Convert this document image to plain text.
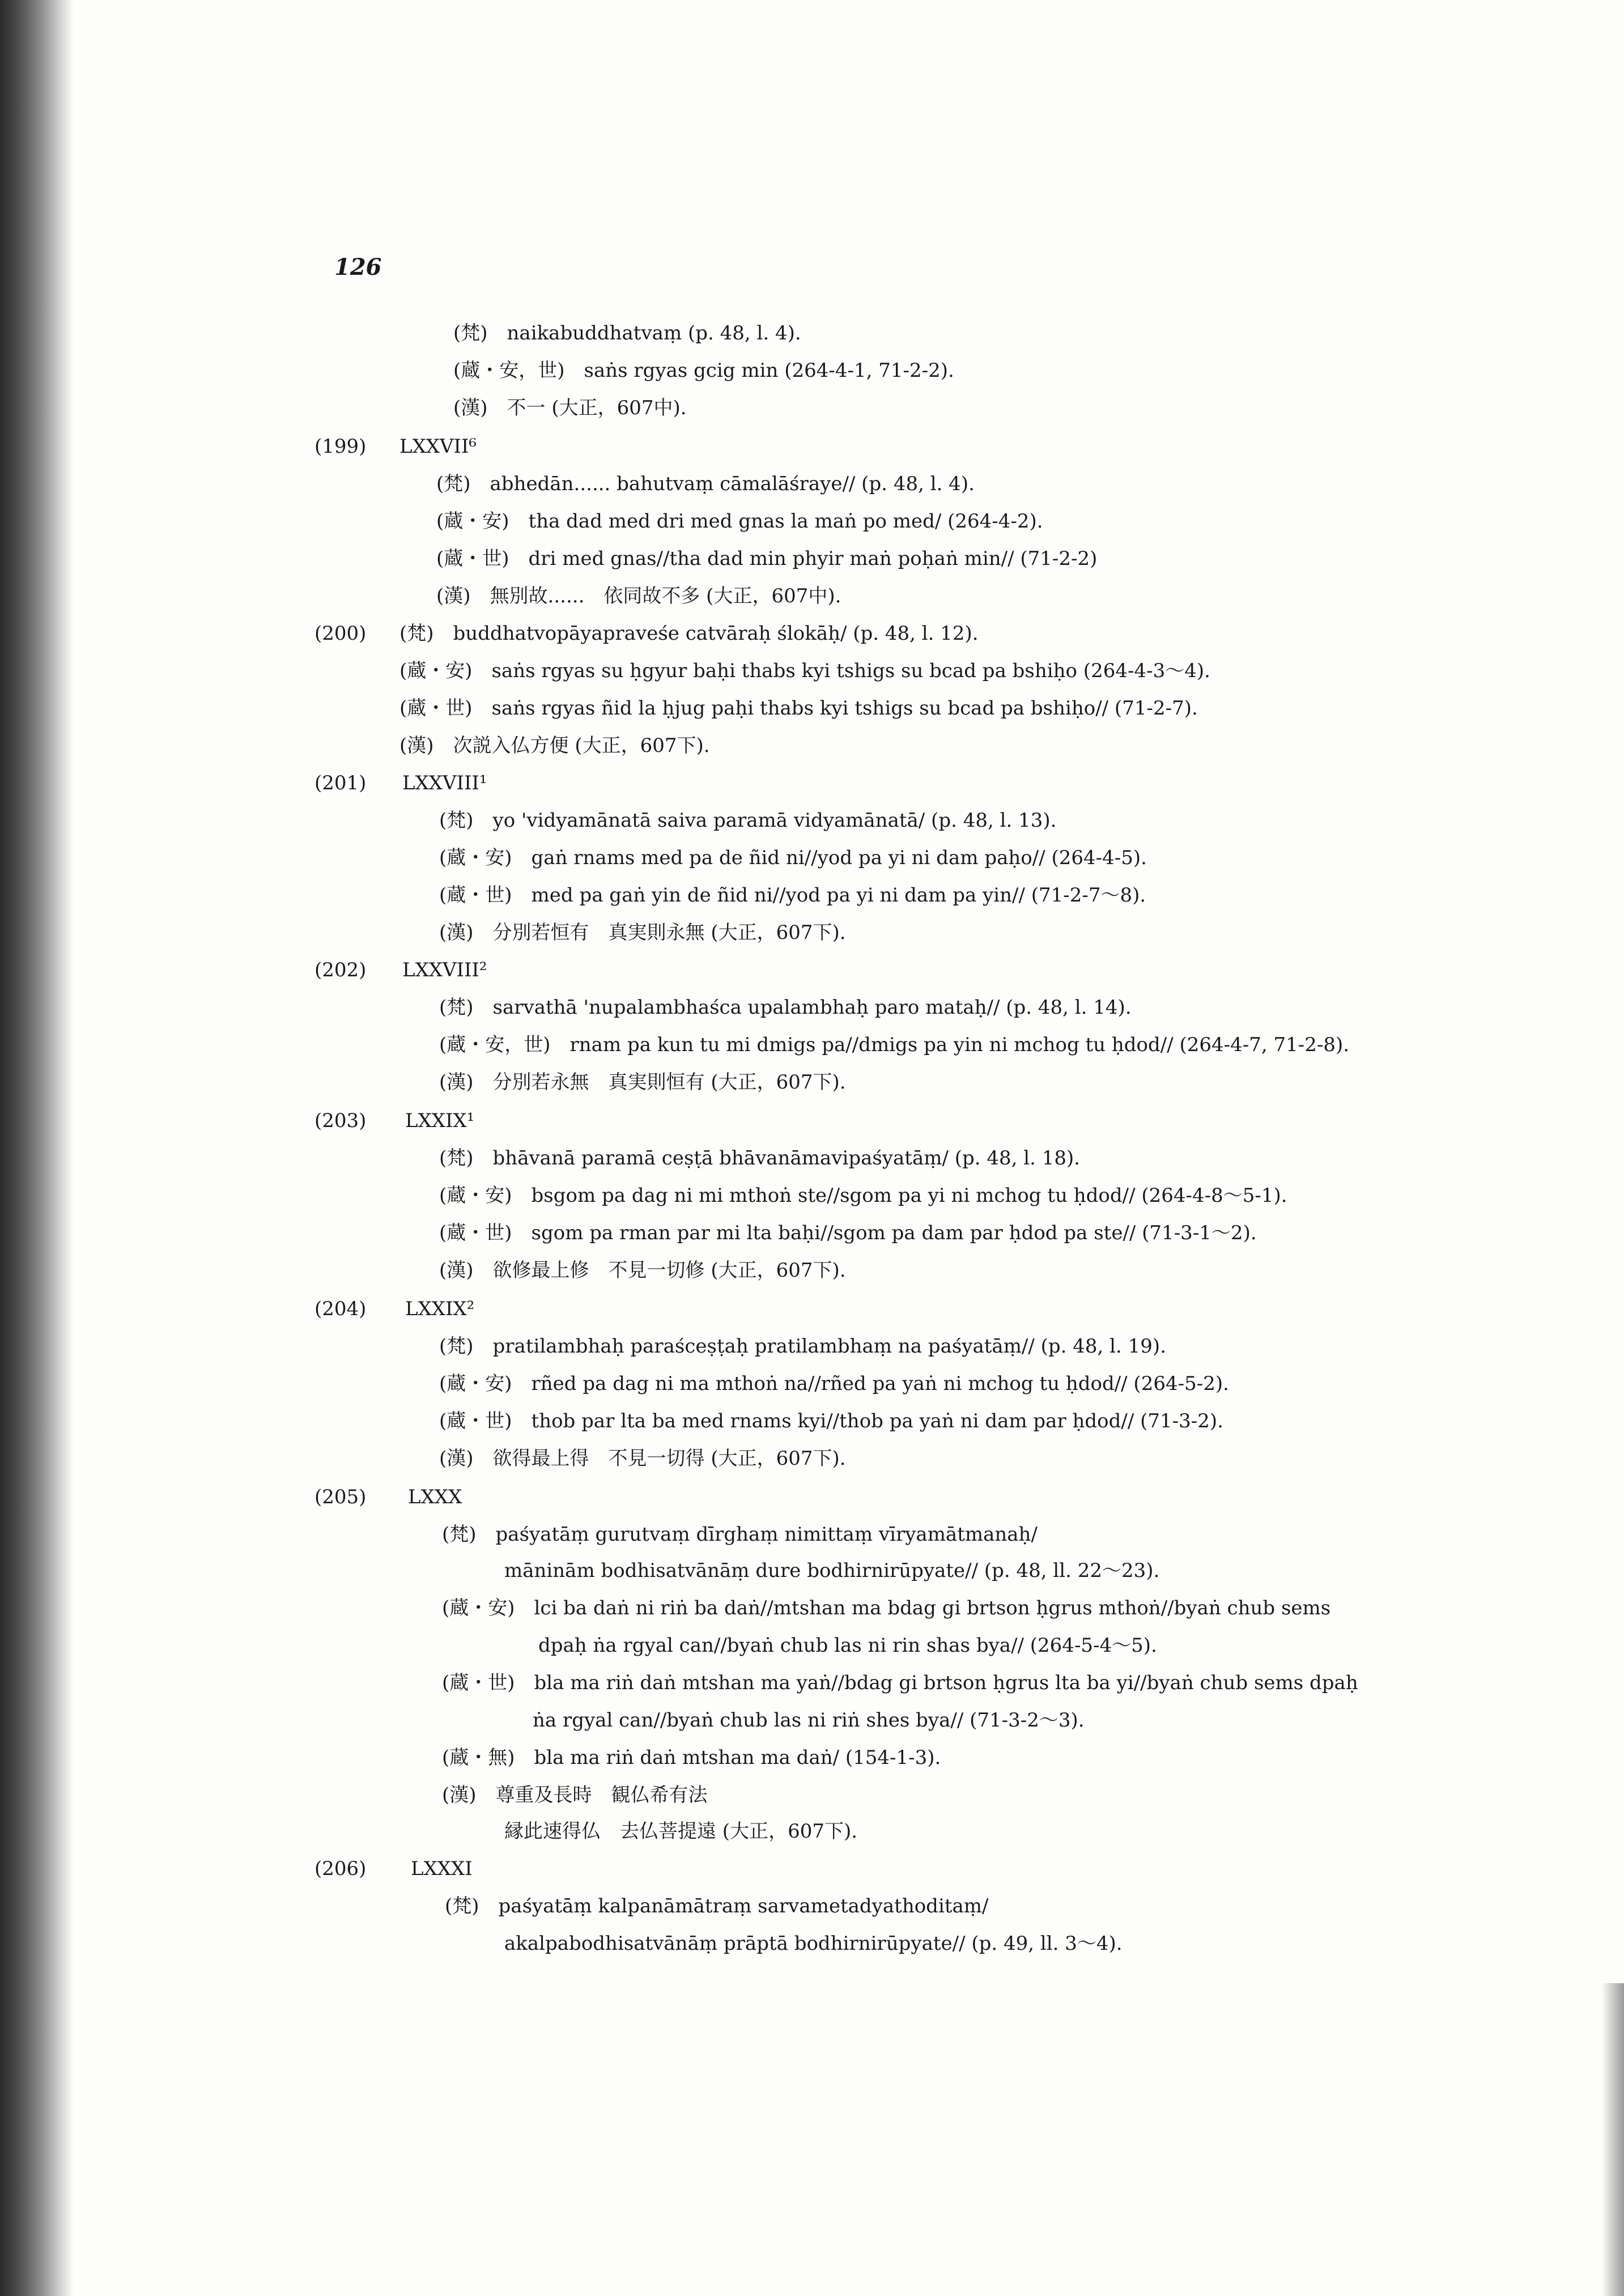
126
(梵)　naikabuddhatvaṃ (p. 48, l. 4).
(蔵・安，世)　saṅs rgyas gcig min (264-4-1, 71-2-2).
(漢)　不一 (大正，607中).
(199) LXXVII⁶
(梵)　abhedān...... bahutvaṃ cāmalāśraye// (p. 48, l. 4).
(蔵・安)　tha dad med dri med gnas la maṅ po med/ (264-4-2).
(蔵・世)　dri med gnas//tha dad min phyir maṅ poḥaṅ min// (71-2-2)
(漢)　無別故......　依同故不多 (大正，607中).
(200) (梵)　buddhatvopāyapraveśe catvāraḥ ślokāḥ/ (p. 48, l. 12).
(蔵・安)　saṅs rgyas su ḥgyur baḥi thabs kyi tshigs su bcad pa bshiḥo (264-4-3〜4).
(蔵・世)　saṅs rgyas ñid la ḥjug paḥi thabs kyi tshigs su bcad pa bshiḥo// (71-2-7).
(漢)　次説入仏方便 (大正，607下).
(201) LXXVIII¹
(梵)　yo 'vidyamānatā saiva paramā vidyamānatā/ (p. 48, l. 13).
(蔵・安)　gaṅ rnams med pa de ñid ni//yod pa yi ni dam paḥo// (264-4-5).
(蔵・世)　med pa gaṅ yin de ñid ni//yod pa yi ni dam pa yin// (71-2-7〜8).
(漢)　分別若恒有　真実則永無 (大正，607下).
(202) LXXVIII²
(梵)　sarvathā 'nupalambhaśca upalambhaḥ paro mataḥ// (p. 48, l. 14).
(蔵・安，世)　rnam pa kun tu mi dmigs pa//dmigs pa yin ni mchog tu ḥdod// (264-4-7, 71-2-8).
(漢)　分別若永無　真実則恒有 (大正，607下).
(203) LXXIX¹
(梵)　bhāvanā paramā ceṣṭā bhāvanāmavipaśyatāṃ/ (p. 48, l. 18).
(蔵・安)　bsgom pa dag ni mi mthoṅ ste//sgom pa yi ni mchog tu ḥdod// (264-4-8〜5-1).
(蔵・世)　sgom pa rman par mi lta baḥi//sgom pa dam par ḥdod pa ste// (71-3-1〜2).
(漢)　欲修最上修　不見一切修 (大正，607下).
(204) LXXIX²
(梵)　pratilambhaḥ paraśceṣṭaḥ pratilambhaṃ na paśyatāṃ// (p. 48, l. 19).
(蔵・安)　rñed pa dag ni ma mthoṅ na//rñed pa yaṅ ni mchog tu ḥdod// (264-5-2).
(蔵・世)　thob par lta ba med rnams kyi//thob pa yaṅ ni dam par ḥdod// (71-3-2).
(漢)　欲得最上得　不見一切得 (大正，607下).
(205) LXXX
(梵)　paśyatāṃ gurutvaṃ dīrghaṃ nimittaṃ vīryamātmanaḥ/
māninām bodhisatvānāṃ dure bodhirnirūpyate// (p. 48, ll. 22〜23).
(蔵・安)　lci ba daṅ ni riṅ ba daṅ//mtshan ma bdag gi brtson ḥgrus mthoṅ//byaṅ chub sems
dpaḥ ṅa rgyal can//byaṅ chub las ni rin shas bya// (264-5-4〜5).
(蔵・世)　bla ma riṅ daṅ mtshan ma yaṅ//bdag gi brtson ḥgrus lta ba yi//byaṅ chub sems dpaḥ
ṅa rgyal can//byaṅ chub las ni riṅ shes bya// (71-3-2〜3).
(蔵・無)　bla ma riṅ daṅ mtshan ma daṅ/ (154-1-3).
(漢)　尊重及長時　観仏希有法
縁此速得仏　去仏菩提遠 (大正，607下).
(206) LXXXI
(梵)　paśyatāṃ kalpanāmātraṃ sarvametadyathoditaṃ/
akalpabodhisatvānāṃ prāptā bodhirnirūpyate// (p. 49, ll. 3〜4).
